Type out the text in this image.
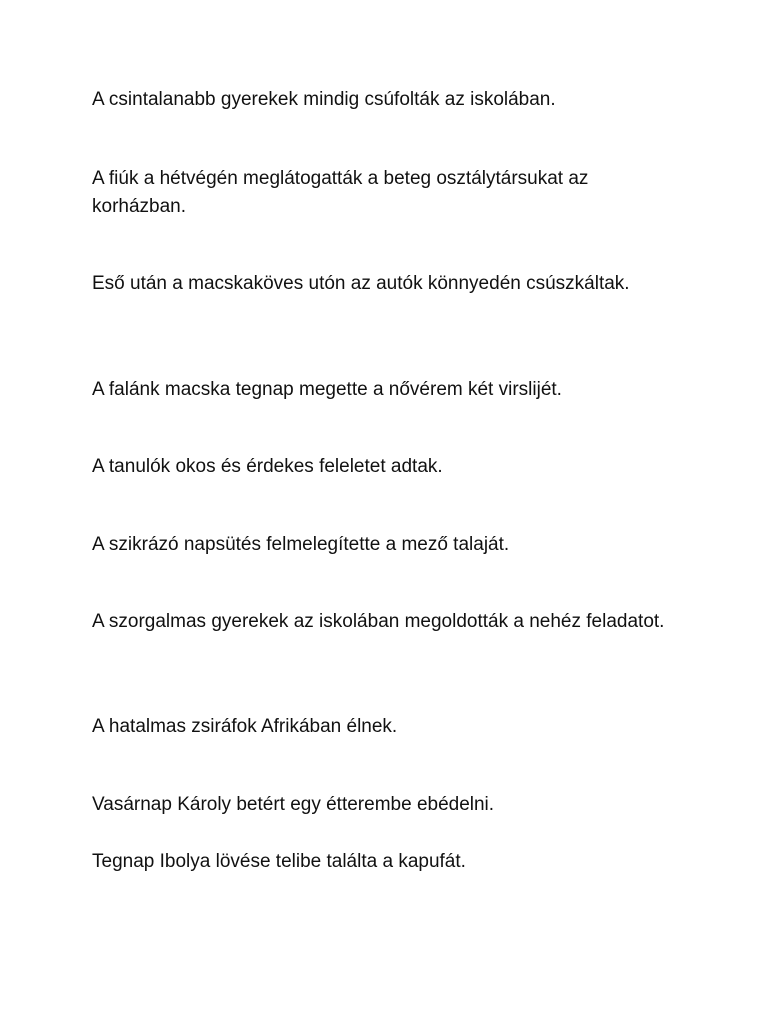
A csintalanabb gyerekek mindig csúfolták az iskolában.

A fiúk a hétvégén meglátogatták a beteg osztálytársukat az korházban.

Eső után a macskaköves utón az autók könnyedén csúszkáltak.

A falánk macska tegnap megette a nővérem két virslijét.

A tanulók okos és érdekes feleletet adtak.

A szikrázó napsütés felmelegítette a mező talaját.

A szorgalmas gyerekek az iskolában megoldották a nehéz feladatot.

A hatalmas zsiráfok Afrikában élnek.

Vasárnap Károly betért egy étterembe ebédelni.

Tegnap Ibolya lövése telibe találta a kapufát.
